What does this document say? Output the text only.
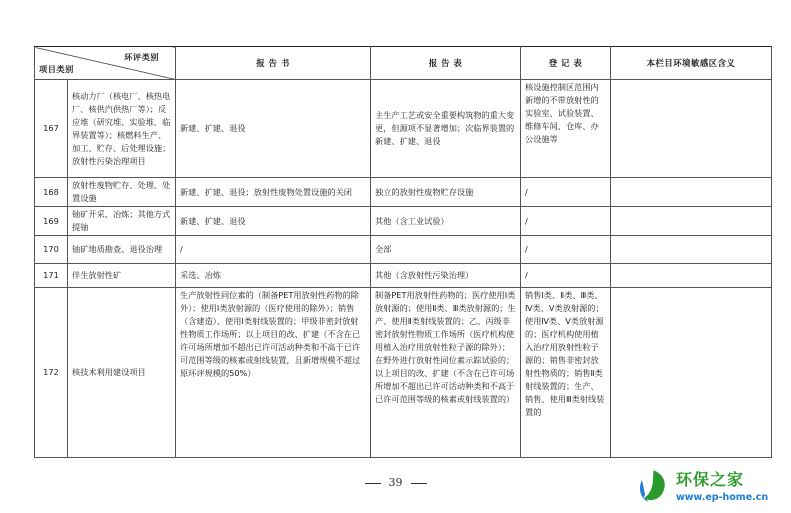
环评类别
项目类别		报 告 书	报 告 表	登 记 表	本栏目环境敏感区含义
167	核动力厂（核电厂、核热电厂、核供汽供热厂等）；反应堆（研究堆、实验堆、临界装置等）；核燃料生产、加工、贮存、后处理设施；放射性污染治理项目	新建、扩建、退役	主生产工艺或安全重要构筑物的重大变更，但源项不显著增加；次临界装置的新建、扩建、退役	核设施控制区范围内新增的不带放射性的实验室、试验装置、维修车间、仓库、办公设施等	
168	放射性废物贮存、处理、处置设施	新建、扩建、退役；放射性废物处置设施的关闭	独立的放射性废物贮存设施	/	
169	铀矿开采、冶炼；其他方式提铀	新建、扩建、退役	其他（含工业试验）	/	
170	铀矿地质勘查、退役治理	/	全部	/	
171	伴生放射性矿	采选、冶炼	其他（含放射性污染治理）	/	
172	核技术利用建设项目	生产放射性同位素的（制备PET用放射性药物的除外）；使用I类放射源的（医疗使用的除外）；销售（含建造）、使用I类射线装置的；甲级非密封放射性物质工作场所；以上项目的改、扩建（不含在已许可场所增加不超出已许可活动种类和不高于已许可范围等级的核素或射线装置，且新增规模不超过原环评规模的50%）	制备PET用放射性药物的；医疗使用Ⅰ类放射源的；使用Ⅱ类、Ⅲ类放射源的；生产、使用Ⅱ类射线装置的；乙、丙级非密封放射性物质工作场所（医疗机构使用植入治疗用放射性粒子源的除外）；在野外进行放射性同位素示踪试验的；以上项目的改、扩建（不含在已许可场所增加不超出已许可活动种类和不高于已许可范围等级的核素或射线装置的）	销售Ⅰ类、Ⅱ类、Ⅲ类、Ⅳ类、Ⅴ类放射源的；使用Ⅳ类、Ⅴ类放射源的；医疗机构使用植入治疗用放射性粒子源的；销售非密封放射性物质的；销售Ⅱ类射线装置的；生产、销售、使用Ⅲ类射线装置的	
39	环保之家
www.ep-home.cn
